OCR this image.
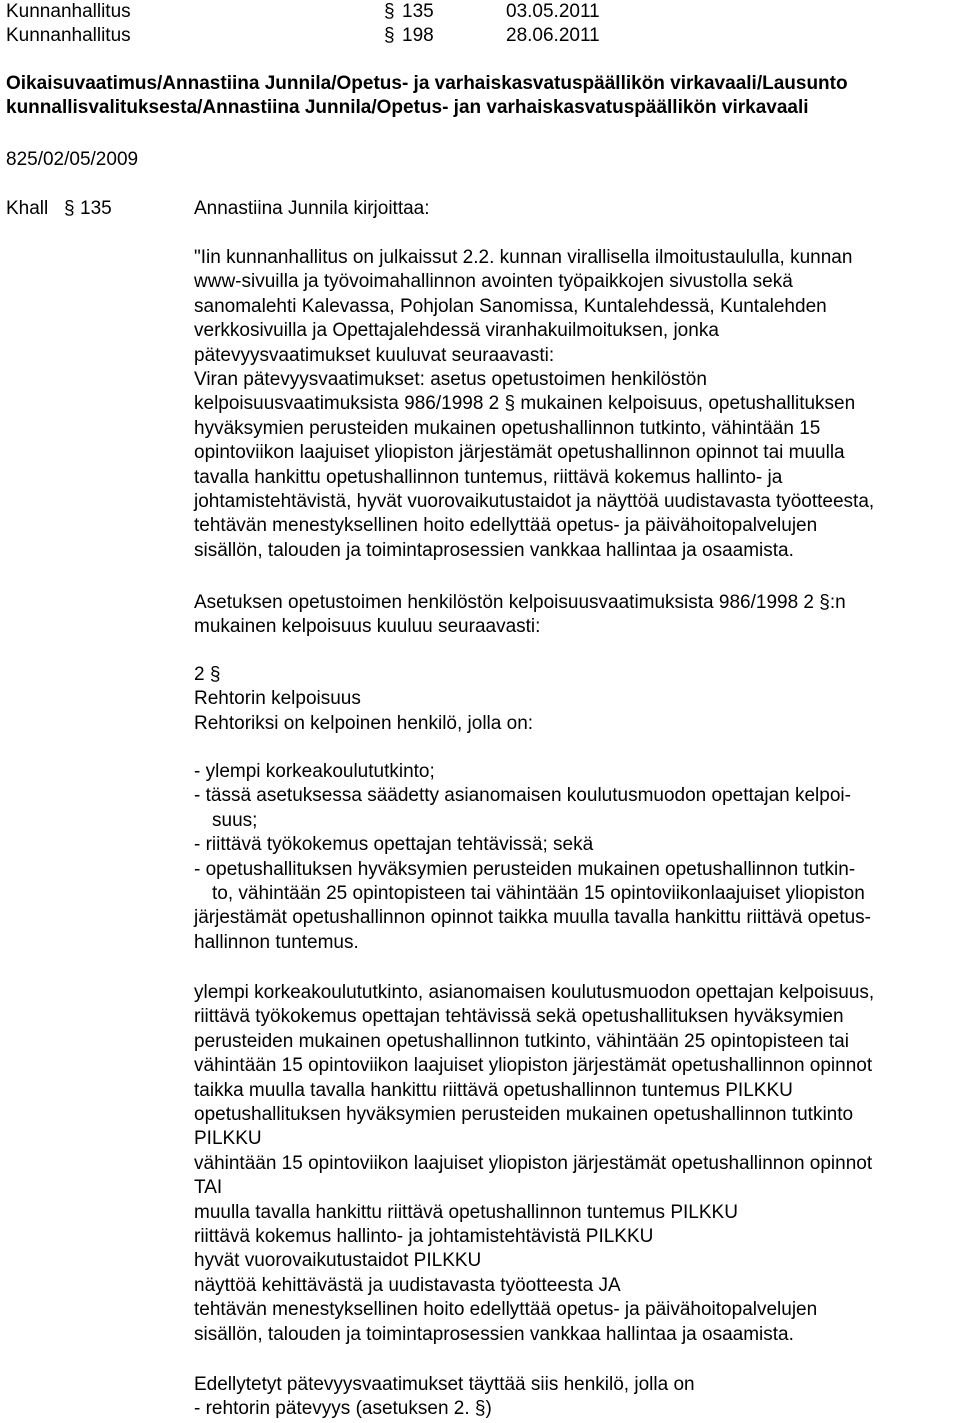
Kunnanhallitus	§ 135	03.05.2011
Kunnanhallitus	§ 198	28.06.2011
Oikaisuvaatimus/Annastiina Junnila/Opetus- ja varhaiskasvatuspäällikön virkavaali/Lausunto
kunnallisvalituksesta/Annastiina Junnila/Opetus- jan varhaiskasvatuspäällikön virkavaali
825/02/05/2009
Khall § 135	Annastiina Junnila kirjoittaa:

"Iin kunnanhallitus on julkaissut 2.2. kunnan virallisella ilmoitustaululla, kunnan

www-sivuilla ja työvoimahallinnon avointen työpaikkojen sivustolla sekä

sanomalehti Kalevassa, Pohjolan Sanomissa, Kuntalehdessä, Kuntalehden

verkkosivuilla ja Opettajalehdessä viranhakuilmoituksen, jonka

pätevyysvaatimukset kuuluvat seuraavasti:

Viran pätevyysvaatimukset: asetus opetustoimen henkilöstön

kelpoisuusvaatimuksista 986/1998 2 § mukainen kelpoisuus, opetushallituksen

hyväksymien perusteiden mukainen opetushallinnon tutkinto, vähintään 15

opintoviikon laajuiset yliopiston järjestämät opetushallinnon opinnot tai muulla

tavalla hankittu opetushallinnon tuntemus, riittävä kokemus hallinto- ja

johtamistehtävistä, hyvät vuorovaikutustaidot ja näyttöä uudistavasta työotteesta,

tehtävän menestyksellinen hoito edellyttää opetus- ja päivähoitopalvelujen

sisällön, talouden ja toimintaprosessien vankkaa hallintaa ja osaamista.

Asetuksen opetustoimen henkilöstön kelpoisuusvaatimuksista 986/1998 2 §:n

mukainen kelpoisuus kuuluu seuraavasti:

2 §

Rehtorin kelpoisuus

Rehtoriksi on kelpoinen henkilö, jolla on:

- ylempi korkeakoulututkinto;

- tässä asetuksessa säädetty asianomaisen koulutusmuodon opettajan kelpoi-

suus;

- riittävä työkokemus opettajan tehtävissä; sekä

- opetushallituksen hyväksymien perusteiden mukainen opetushallinnon tutkin-

to, vähintään 25 opintopisteen tai vähintään 15 opintoviikonlaajuiset yliopiston

järjestämät opetushallinnon opinnot taikka muulla tavalla hankittu riittävä opetus-

hallinnon tuntemus.

ylempi korkeakoulututkinto, asianomaisen koulutusmuodon opettajan kelpoisuus,

riittävä työkokemus opettajan tehtävissä sekä opetushallituksen hyväksymien

perusteiden mukainen opetushallinnon tutkinto, vähintään 25 opintopisteen tai

vähintään 15 opintoviikon laajuiset yliopiston järjestämät opetushallinnon opinnot

taikka muulla tavalla hankittu riittävä opetushallinnon tuntemus PILKKU

opetushallituksen hyväksymien perusteiden mukainen opetushallinnon tutkinto

PILKKU

vähintään 15 opintoviikon laajuiset yliopiston järjestämät opetushallinnon opinnot

TAI

muulla tavalla hankittu riittävä opetushallinnon tuntemus PILKKU

riittävä kokemus hallinto- ja johtamistehtävistä PILKKU

hyvät vuorovaikutustaidot PILKKU

näyttöä kehittävästä ja uudistavasta työotteesta JA

tehtävän menestyksellinen hoito edellyttää opetus- ja päivähoitopalvelujen

sisällön, talouden ja toimintaprosessien vankkaa hallintaa ja osaamista.

Edellytetyt pätevyysvaatimukset täyttää siis henkilö, jolla on

- rehtorin pätevyys (asetuksen 2. §)
